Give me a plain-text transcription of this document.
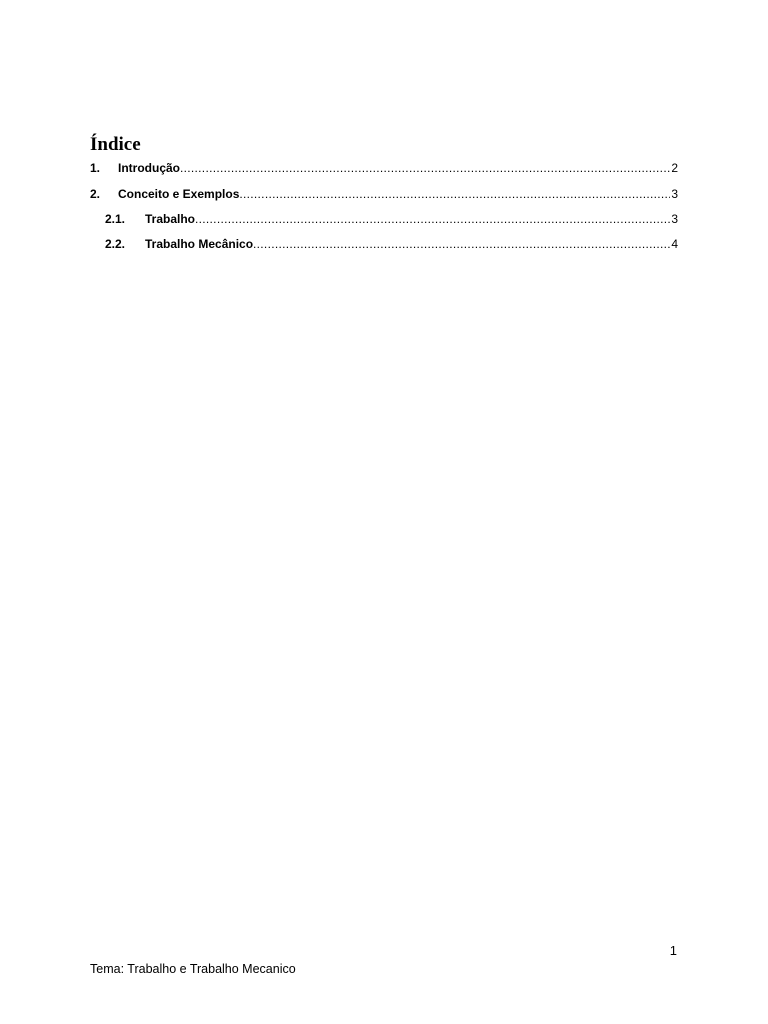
Índice
1.	Introdução .....	2
2.	Conceito e Exemplos .....	3
2.1.	Trabalho .....	3
2.2.	Trabalho Mecânico .....	4
1
Tema: Trabalho e Trabalho Mecanico
